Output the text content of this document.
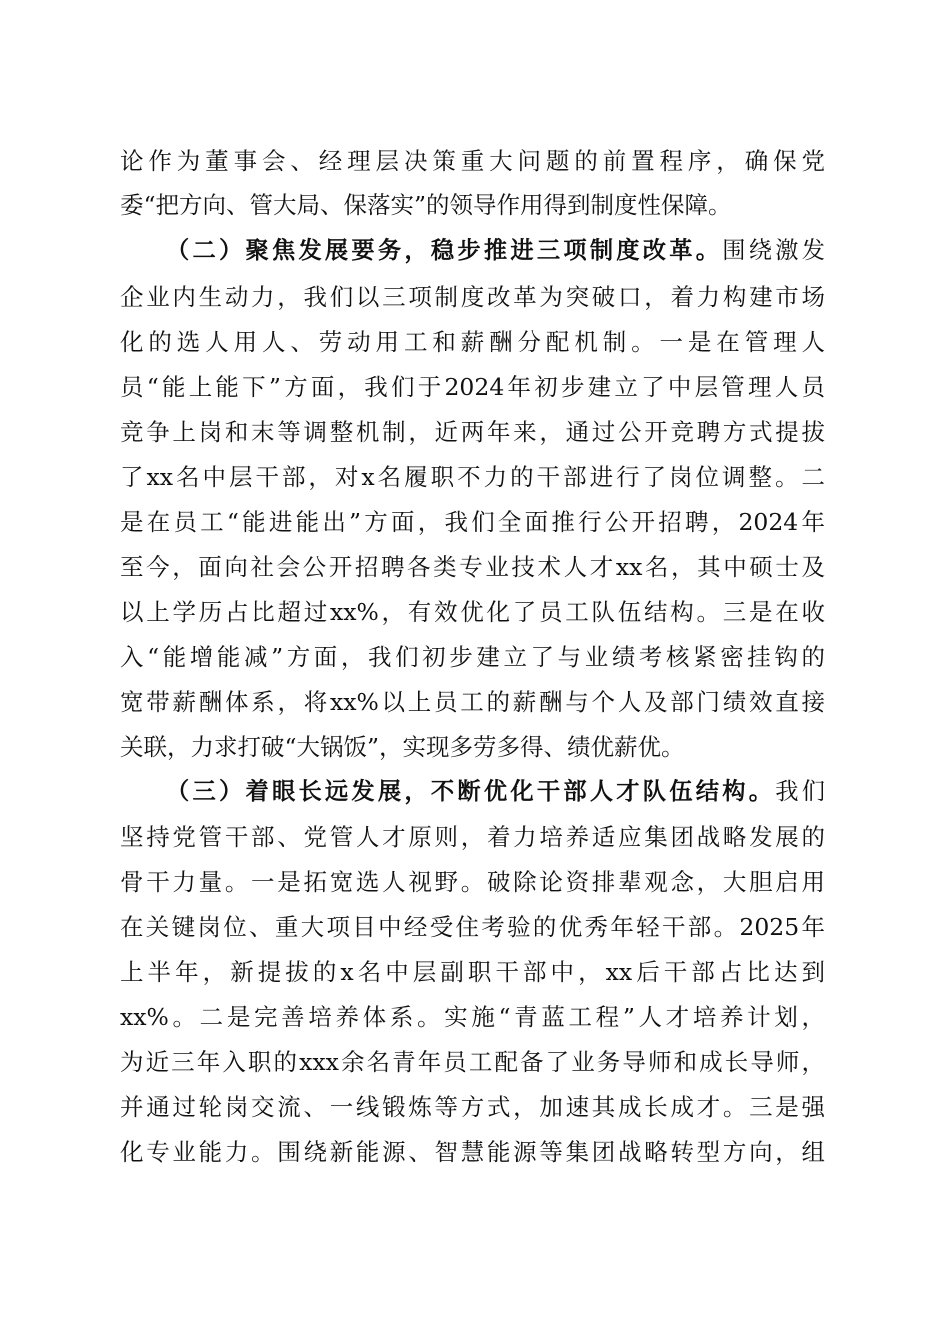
论作为董事会、经理层决策重大问题的前置程序，确保党
委“把方向、管大局、保落实”的领导作用得到制度性保障。
（二）聚焦发展要务，稳步推进三项制度改革。围绕激发
企业内生动力，我们以三项制度改革为突破口，着力构建市场
化的选人用人、劳动用工和薪酬分配机制。一是在管理人
员“能上能下”方面，我们于2024年初步建立了中层管理人员
竞争上岗和末等调整机制，近两年来，通过公开竞聘方式提拔
了xx名中层干部，对x名履职不力的干部进行了岗位调整。二
是在员工“能进能出”方面，我们全面推行公开招聘，2024年
至今，面向社会公开招聘各类专业技术人才xx名，其中硕士及
以上学历占比超过xx%，有效优化了员工队伍结构。三是在收
入“能增能减”方面，我们初步建立了与业绩考核紧密挂钩的
宽带薪酬体系，将xx%以上员工的薪酬与个人及部门绩效直接
关联，力求打破“大锅饭”，实现多劳多得、绩优薪优。
（三）着眼长远发展，不断优化干部人才队伍结构。我们
坚持党管干部、党管人才原则，着力培养适应集团战略发展的
骨干力量。一是拓宽选人视野。破除论资排辈观念，大胆启用
在关键岗位、重大项目中经受住考验的优秀年轻干部。2025年
上半年，新提拔的x名中层副职干部中，xx后干部占比达到
xx%。二是完善培养体系。实施“青蓝工程”人才培养计划，
为近三年入职的xxx余名青年员工配备了业务导师和成长导师，
并通过轮岗交流、一线锻炼等方式，加速其成长成才。三是强
化专业能力。围绕新能源、智慧能源等集团战略转型方向，组
